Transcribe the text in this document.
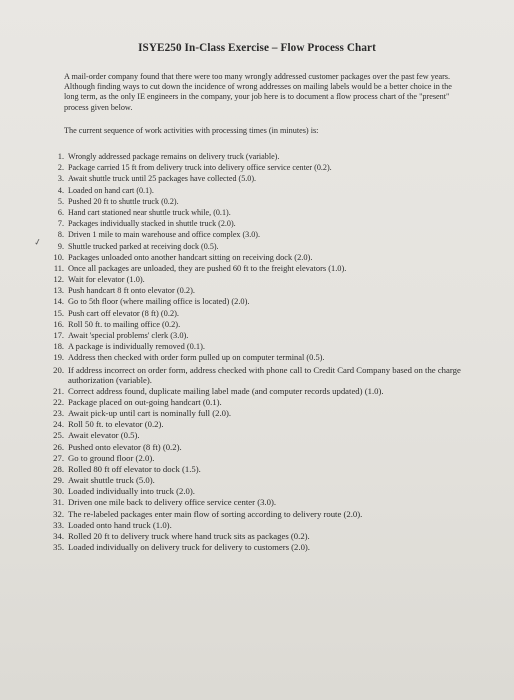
ISYE250 In-Class Exercise – Flow Process Chart

A mail-order company found that there were too many wrongly addressed customer packages over the past few years. Although finding ways to cut down the incidence of wrong addresses on mailing labels would be a better choice in the long term, as the only IE engineers in the company, your job here is to document a flow process chart of the "present" process given below.

The current sequence of work activities with processing times (in minutes) is:

✓
1. Wrongly addressed package remains on delivery truck (variable).
2. Package carried 15 ft from delivery truck into delivery office service center (0.2).
3. Await shuttle truck until 25 packages have collected (5.0).
4. Loaded on hand cart (0.1).
5. Pushed 20 ft to shuttle truck (0.2).
6. Hand cart stationed near shuttle truck while, (0.1).
7. Packages individually stacked in shuttle truck (2.0).
8. Driven 1 mile to main warehouse and office complex (3.0).
9. Shuttle trucked parked at receiving dock (0.5).
10. Packages unloaded onto another handcart sitting on receiving dock (2.0).
11. Once all packages are unloaded, they are pushed 60 ft to the freight elevators (1.0).
12. Wait for elevator (1.0).
13. Push handcart 8 ft onto elevator (0.2).
14. Go to 5th floor (where mailing office is located) (2.0).
15. Push cart off elevator (8 ft) (0.2).
16. Roll 50 ft. to mailing office (0.2).
17. Await 'special problems' clerk (3.0).
18. A package is individually removed (0.1).
19. Address then checked with order form pulled up on computer terminal (0.5).
20. If address incorrect on order form, address checked with phone call to Credit Card Company based on the charge authorization (variable).
21. Correct address found, duplicate mailing label made (and computer records updated) (1.0).
22. Package placed on out-going handcart (0.1).
23. Await pick-up until cart is nominally full (2.0).
24. Roll 50 ft. to elevator (0.2).
25. Await elevator (0.5).
26. Pushed onto elevator (8 ft) (0.2).
27. Go to ground floor (2.0).
28. Rolled 80 ft off elevator to dock (1.5).
29. Await shuttle truck (5.0).
30. Loaded individually into truck (2.0).
31. Driven one mile back to delivery office service center (3.0).
32. The re-labeled packages enter main flow of sorting according to delivery route (2.0).
33. Loaded onto hand truck (1.0).
34. Rolled 20 ft to delivery truck where hand truck sits as packages (0.2).
35. Loaded individually on delivery truck for delivery to customers (2.0).
